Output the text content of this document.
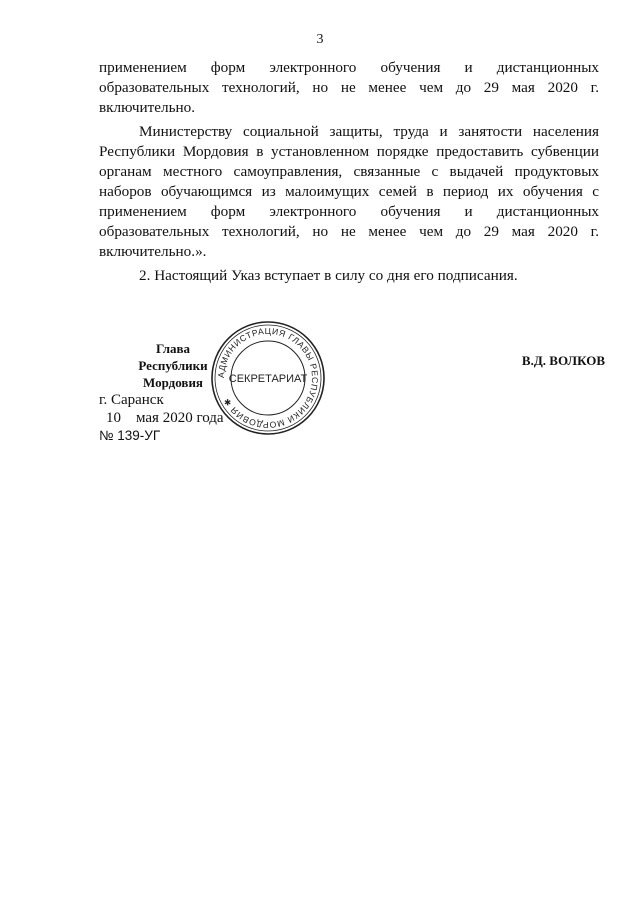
3

применением форм электронного обучения и дистанционных образовательных технологий, но не менее чем до 29 мая 2020 г. включительно.

Министерству социальной защиты, труда и занятости населения Республики Мордовия в установленном порядке предоставить субвенции органам местного самоуправления, связанные с выдачей продуктовых наборов обучающимся из малоимущих семей в период их обучения с применением форм электронного обучения и дистанционных образовательных технологий, но не менее чем до 29 мая 2020 г. включительно.».

2. Настоящий Указ вступает в силу со дня его подписания.

Глава
Республики Мордовия
В.Д. ВОЛКОВ
г. Саранск
10 мая 2020 года
№ 139-УГ
АДМИНИСТРАЦИЯ ГЛАВЫ РЕСПУБЛИКИ МОРДОВИЯ ✱
СЕКРЕТАРИАТ
